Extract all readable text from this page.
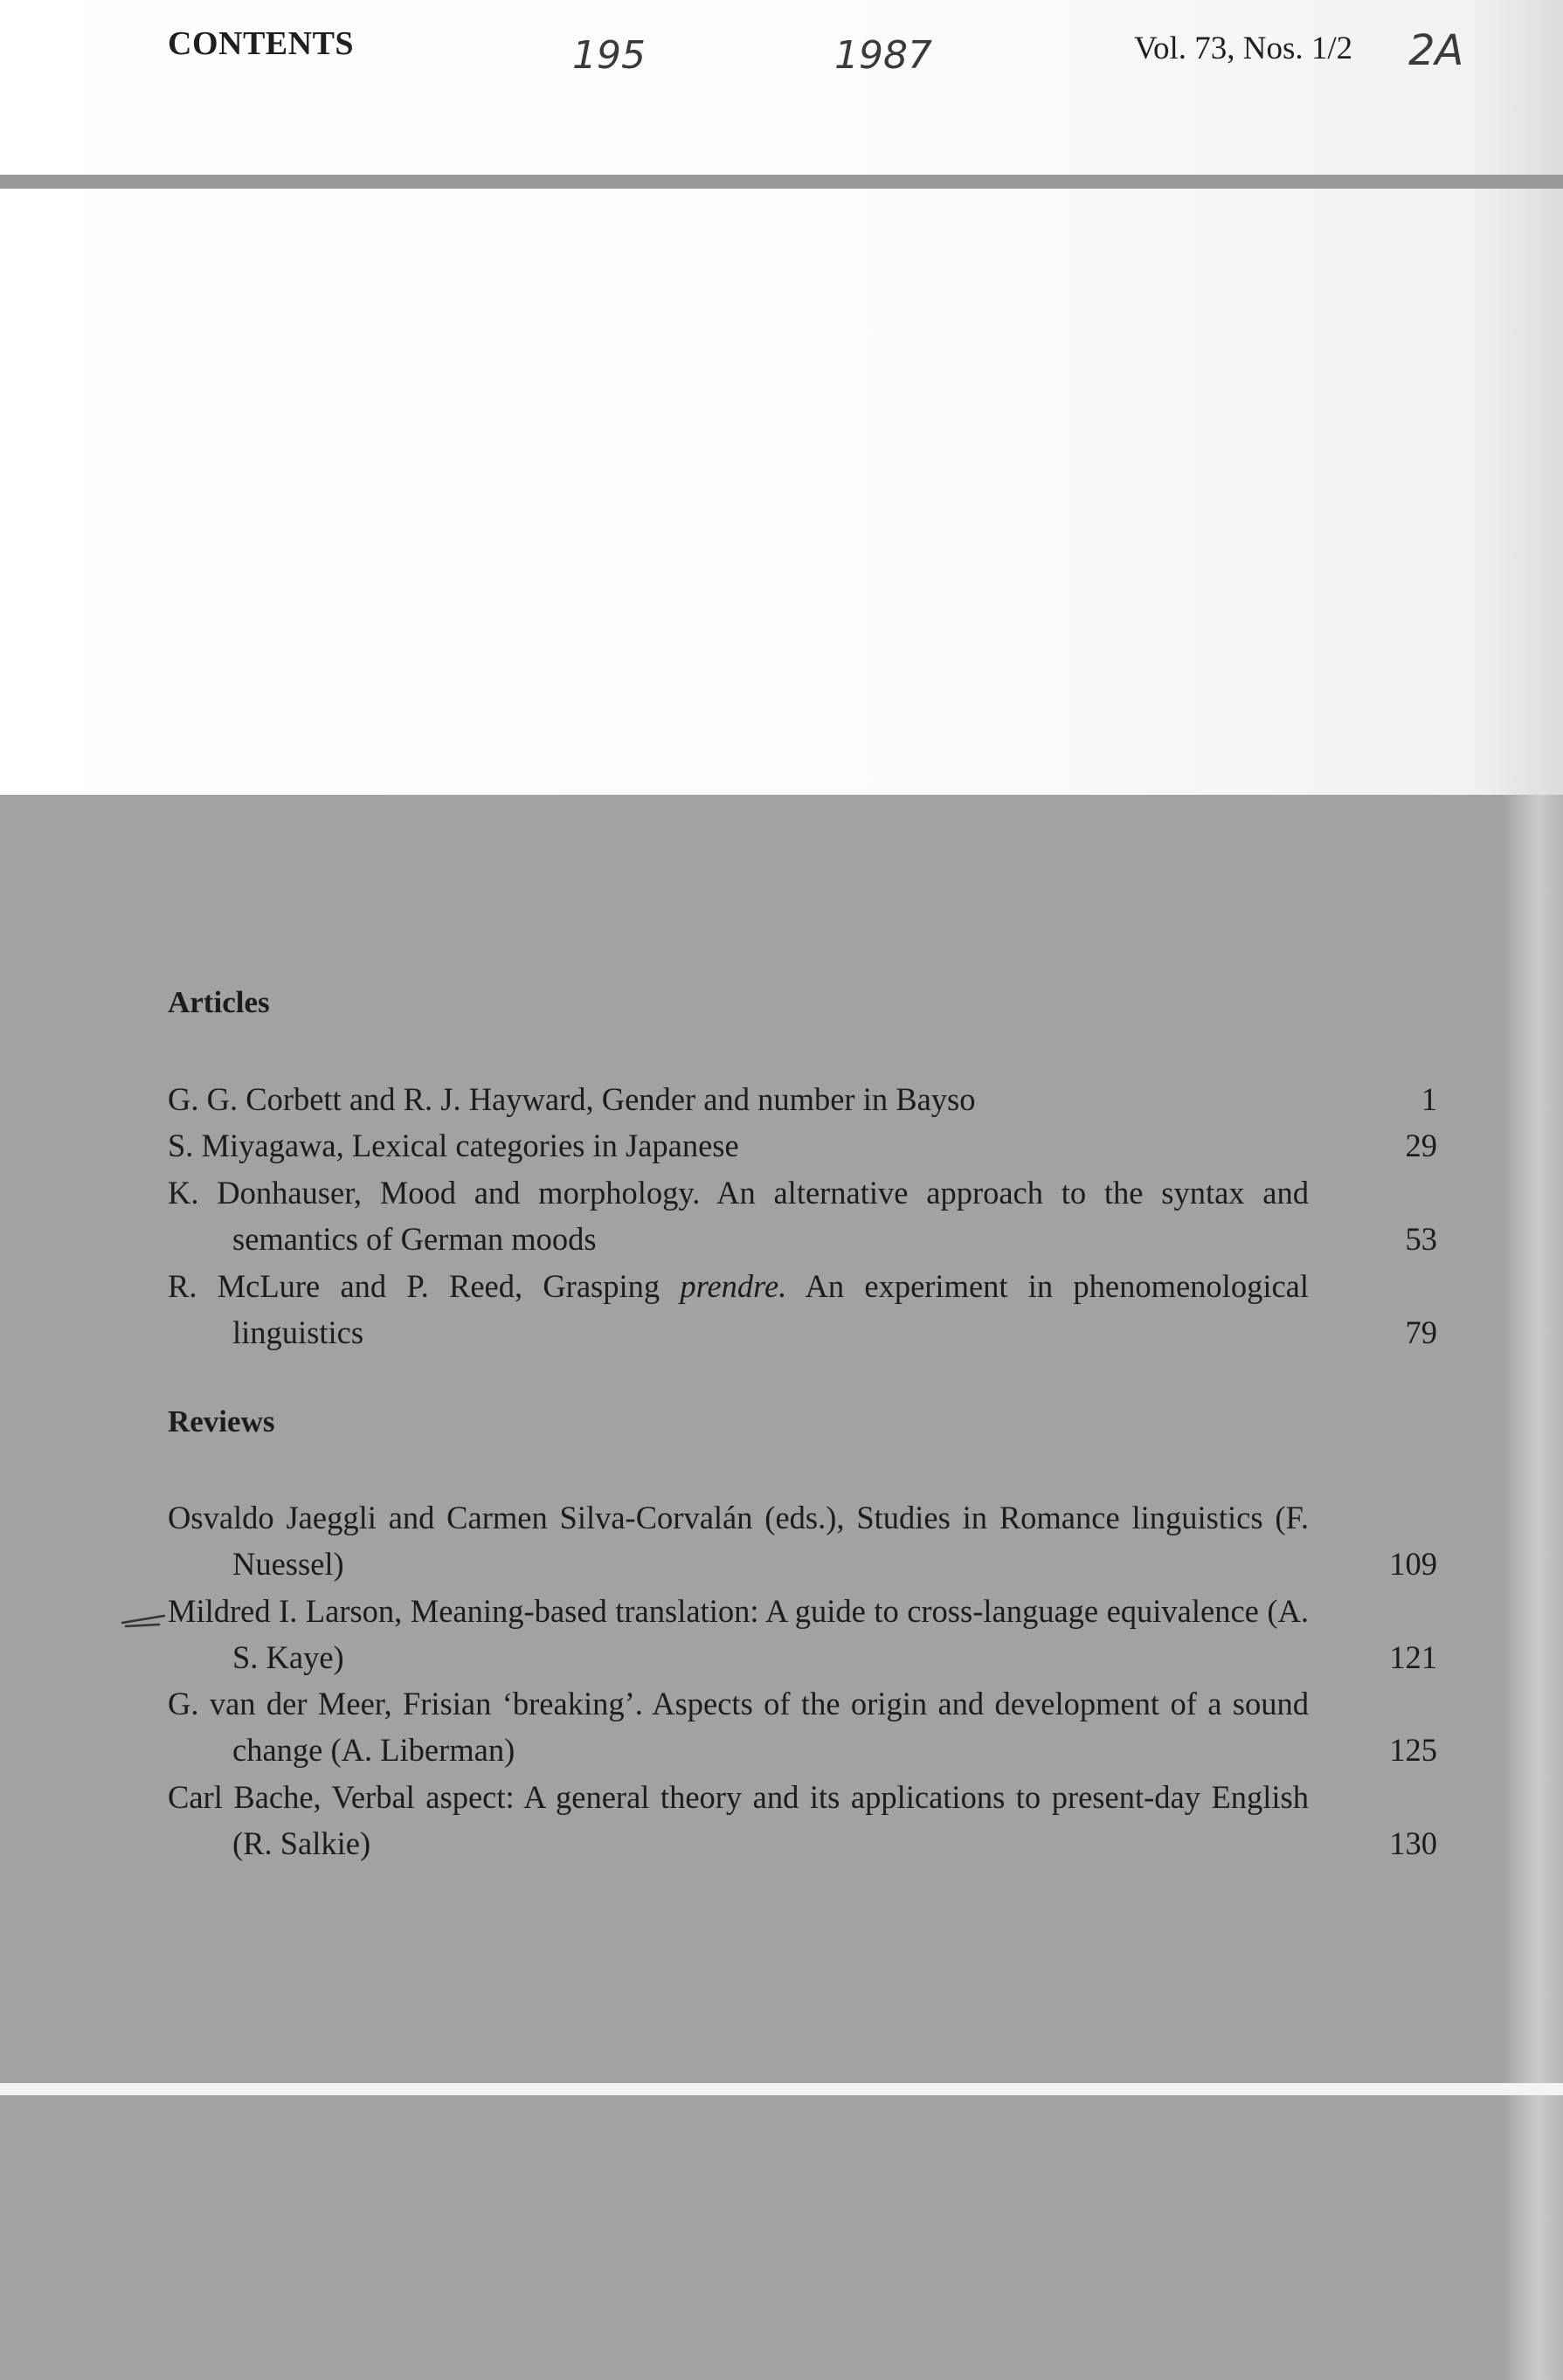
CONTENTS	195	1987	Vol. 73, Nos. 1/2 2A
Articles
G. G. Corbett and R. J. Hayward, Gender and number in Bayso	1
S. Miyagawa, Lexical categories in Japanese	29
K. Donhauser, Mood and morphology. An alternative approach to the syntax and semantics of German moods	53
R. McLure and P. Reed, Grasping prendre. An experiment in phenomenological linguistics	79
Reviews
Osvaldo Jaeggli and Carmen Silva-Corvalán (eds.), Studies in Romance linguistics (F. Nuessel)	109
Mildred I. Larson, Meaning-based translation: A guide to cross-language equivalence (A. S. Kaye)	121
G. van der Meer, Frisian ‘breaking’. Aspects of the origin and development of a sound change (A. Liberman)	125
Carl Bache, Verbal aspect: A general theory and its applications to present-day English (R. Salkie)	130
